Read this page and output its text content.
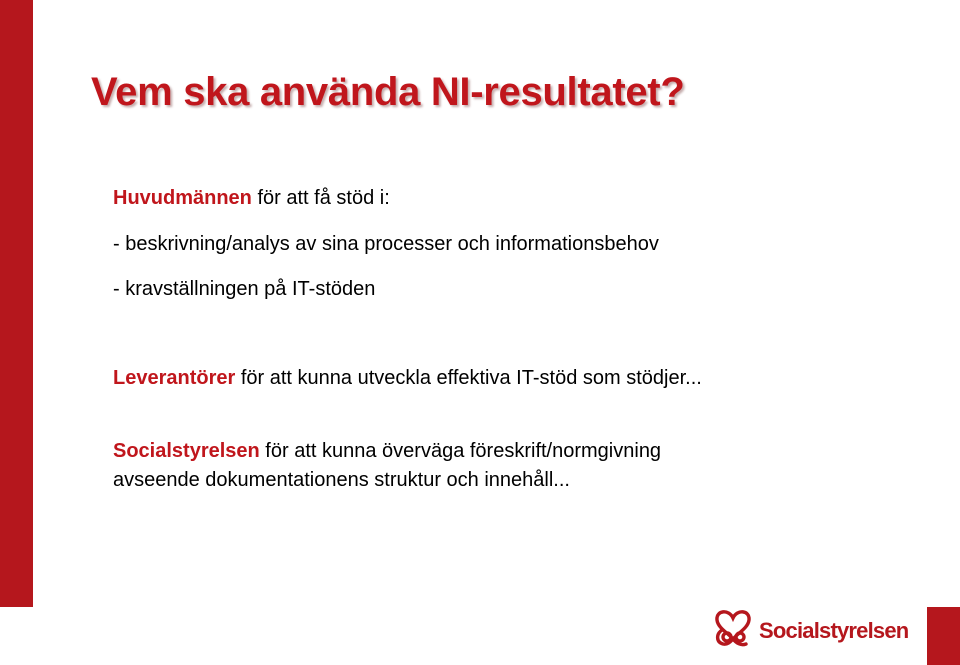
Vem ska använda NI-resultatet?

Huvudmännen för att få stöd i:

- beskrivning/analys av sina processer och informationsbehov

- kravställningen på IT-stöden

Leverantörer för att kunna utveckla effektiva IT-stöd som stödjer...

Socialstyrelsen för att kunna överväga föreskrift/normgivning

avseende dokumentationens struktur och innehåll...

Socialstyrelsen
